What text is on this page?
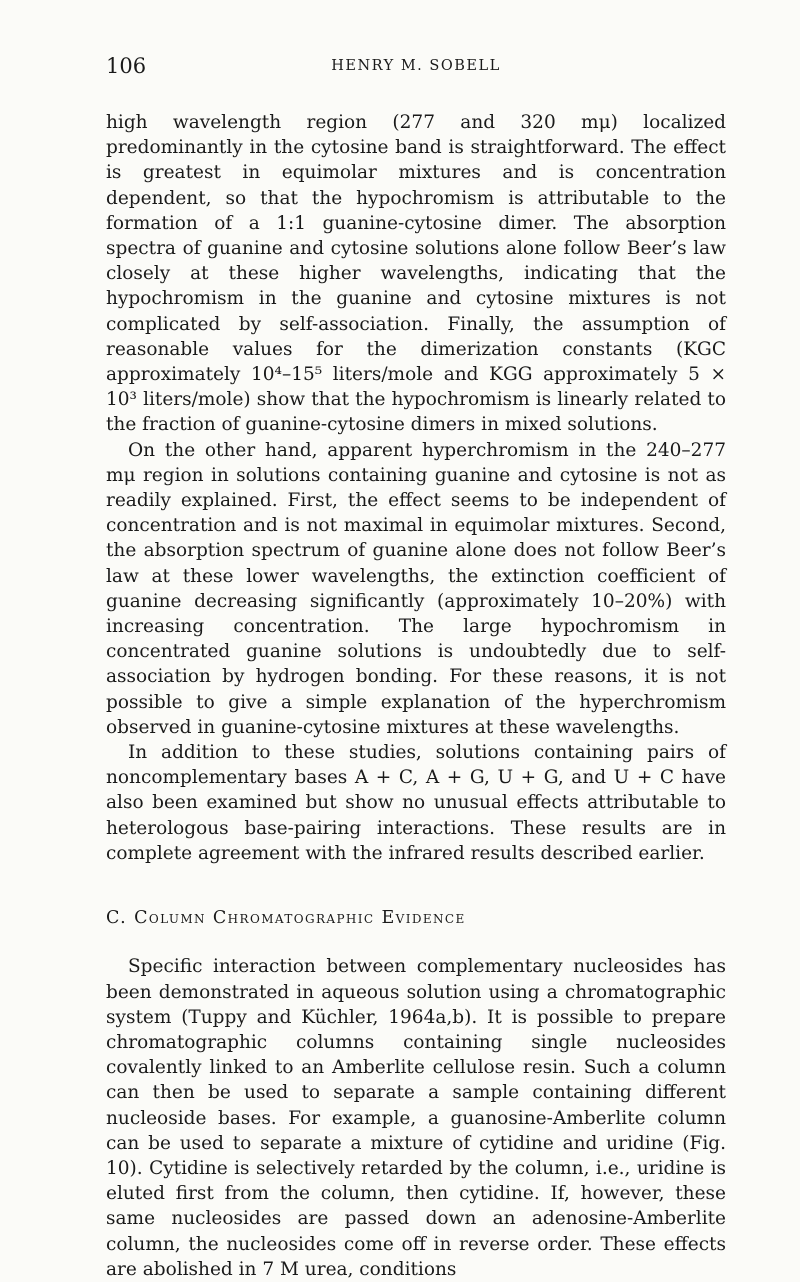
106	HENRY M. SOBELL

high wavelength region (277 and 320 mμ) localized predominantly in the cytosine band is straightforward. The effect is greatest in equimolar mixtures and is concentration dependent, so that the hypochromism is attributable to the formation of a 1:1 guanine-cytosine dimer. The absorption spectra of guanine and cytosine solutions alone follow Beer’s law closely at these higher wavelengths, indicating that the hypochromism in the guanine and cytosine mixtures is not complicated by self-association. Finally, the assumption of reasonable values for the dimerization constants (KGC approximately 10⁴–15⁵ liters/mole and KGG approximately 5 × 10³ liters/mole) show that the hypochromism is linearly related to the fraction of guanine-cytosine dimers in mixed solutions.

On the other hand, apparent hyperchromism in the 240–277 mμ region in solutions containing guanine and cytosine is not as readily explained. First, the effect seems to be independent of concentration and is not maximal in equimolar mixtures. Second, the absorption spectrum of guanine alone does not follow Beer’s law at these lower wavelengths, the extinction coefficient of guanine decreasing significantly (approximately 10–20%) with increasing concentration. The large hypochromism in concentrated guanine solutions is undoubtedly due to self-association by hydrogen bonding. For these reasons, it is not possible to give a simple explanation of the hyperchromism observed in guanine-cytosine mixtures at these wavelengths.

In addition to these studies, solutions containing pairs of noncomplementary bases A + C, A + G, U + G, and U + C have also been examined but show no unusual effects attributable to heterologous base-pairing interactions. These results are in complete agreement with the infrared results described earlier.

C. Column Chromatographic Evidence

Specific interaction between complementary nucleosides has been demonstrated in aqueous solution using a chromatographic system (Tuppy and Küchler, 1964a,b). It is possible to prepare chromatographic columns containing single nucleosides covalently linked to an Amberlite cellulose resin. Such a column can then be used to separate a sample containing different nucleoside bases. For example, a guanosine-Amberlite column can be used to separate a mixture of cytidine and uridine (Fig. 10). Cytidine is selectively retarded by the column, i.e., uridine is eluted first from the column, then cytidine. If, however, these same nucleosides are passed down an adenosine-Amberlite column, the nucleosides come off in reverse order. These effects are abolished in 7 M urea, conditions
